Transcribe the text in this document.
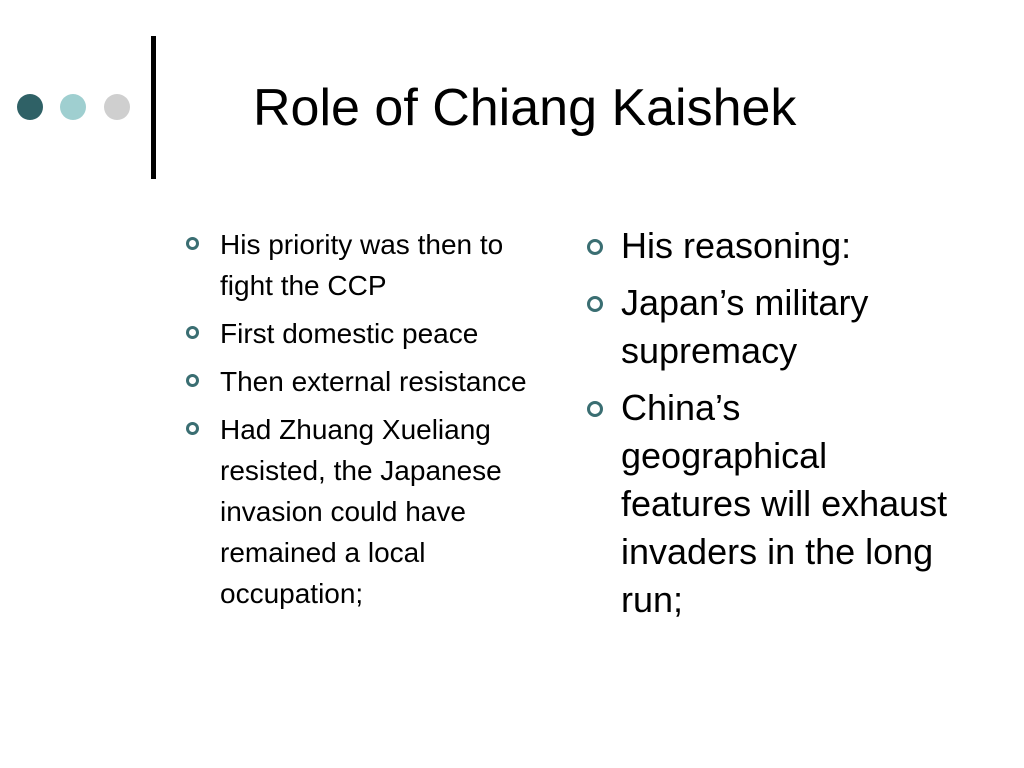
Role of Chiang Kaishek
His priority was then to fight the CCP
First domestic peace
Then external resistance
Had Zhuang Xueliang resisted, the Japanese invasion could have remained a local occupation;
His reasoning:
Japan’s military supremacy
China’s geographical features will exhaust invaders in the long run;
